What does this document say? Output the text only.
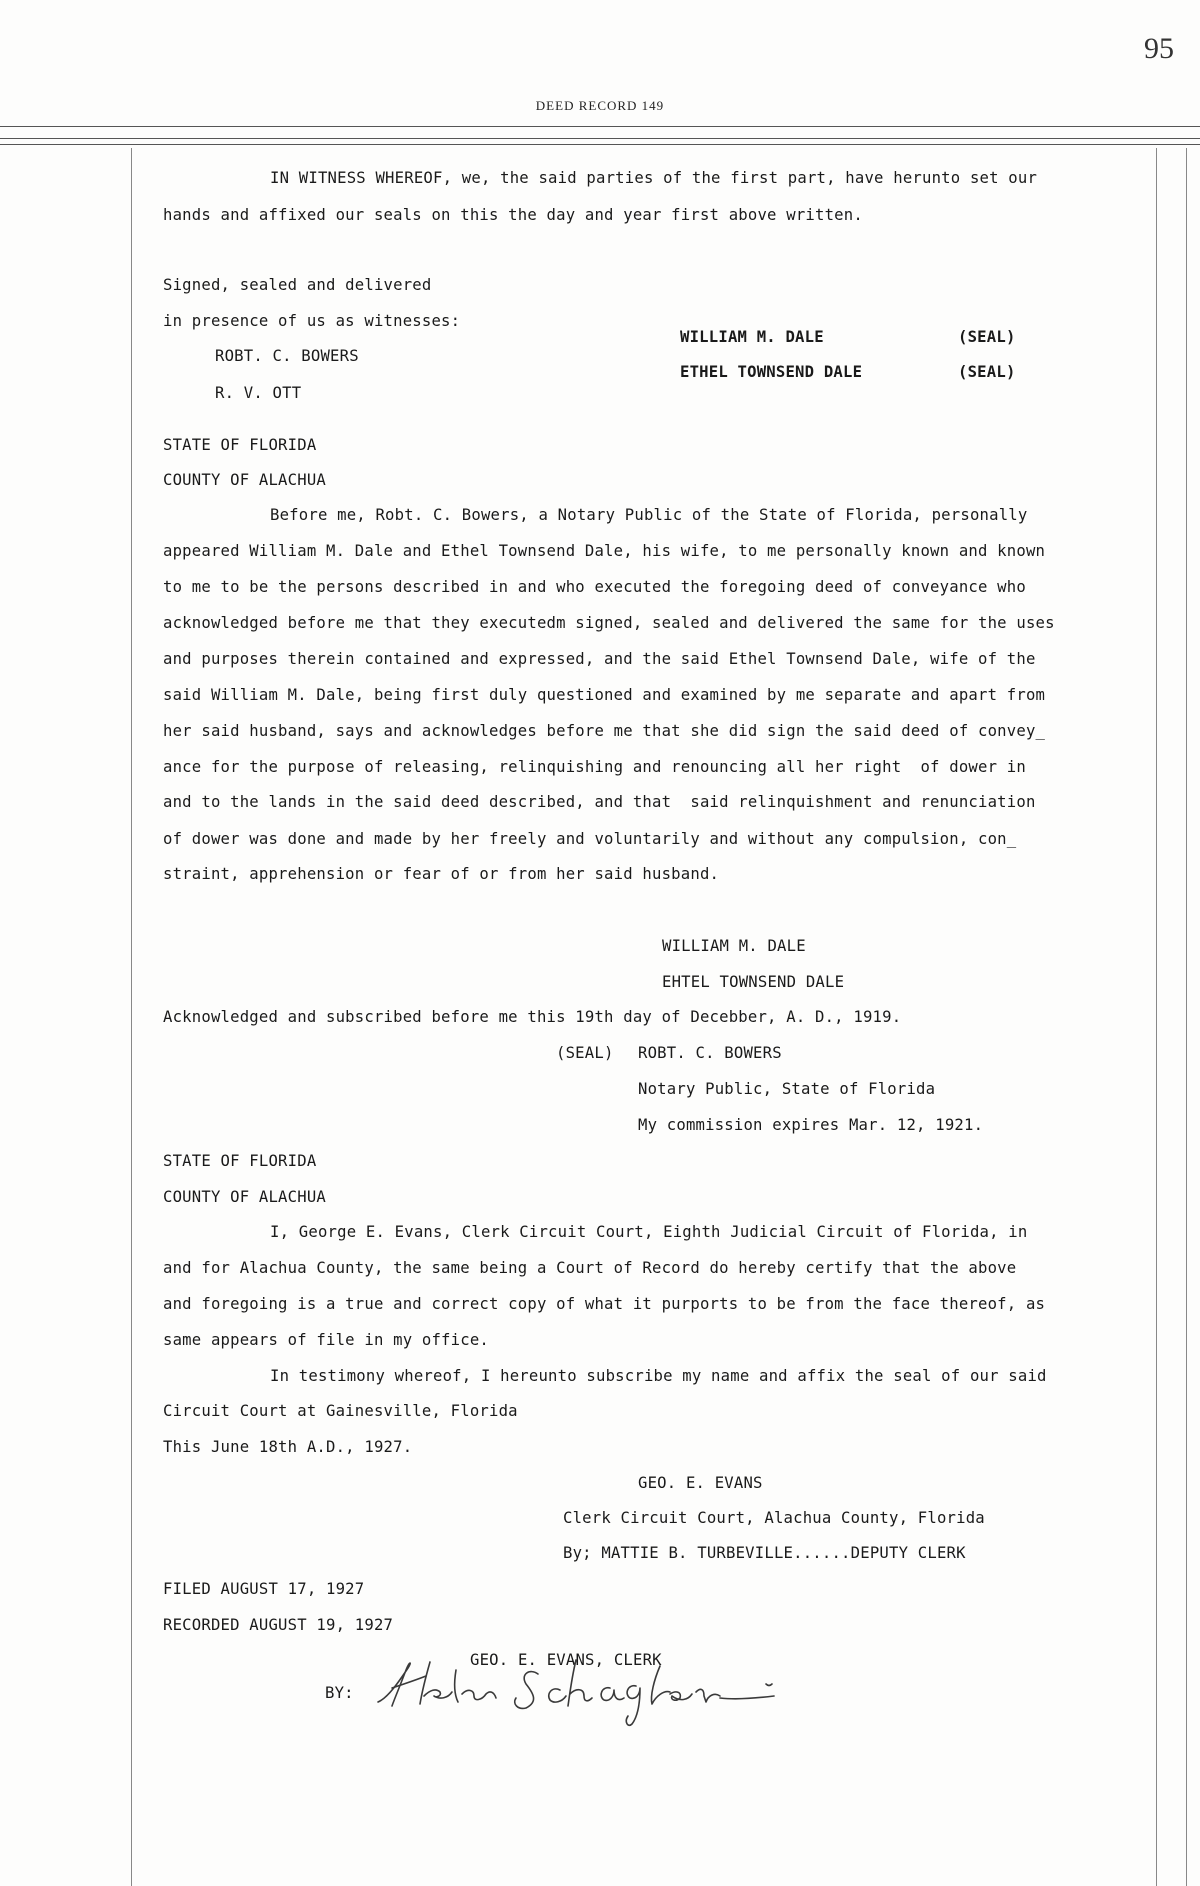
95
DEED RECORD 149
IN WITNESS WHEREOF, we, the said parties of the first part, have herunto set our
hands and affixed our seals on this the day and year first above written.
Signed, sealed and delivered
in presence of us as witnesses:
ROBT. C. BOWERS
R. V. OTT
WILLIAM M. DALE	(SEAL)
ETHEL TOWNSEND DALE	(SEAL)
STATE OF FLORIDA
COUNTY OF ALACHUA
Before me, Robt. C. Bowers, a Notary Public of the State of Florida, personally
appeared William M. Dale and Ethel Townsend Dale, his wife, to me personally known and known
to me to be the persons described in and who executed the foregoing deed of conveyance who
acknowledged before me that they executedm signed, sealed and delivered the same for the uses
and purposes therein contained and expressed, and the said Ethel Townsend Dale, wife of the
said William M. Dale, being first duly questioned and examined by me separate and apart from
her said husband, says and acknowledges before me that she did sign the said deed of convey_
ance for the purpose of releasing, relinquishing and renouncing all her right  of dower in
and to the lands in the said deed described, and that  said relinquishment and renunciation
of dower was done and made by her freely and voluntarily and without any compulsion, con_
straint, apprehension or fear of or from her said husband.
WILLIAM M. DALE
EHTEL TOWNSEND DALE
Acknowledged and subscribed before me this 19th day of Decebber, A. D., 1919.
(SEAL) ROBT. C. BOWERS
Notary Public, State of Florida
My commission expires Mar. 12, 1921.
STATE OF FLORIDA
COUNTY OF ALACHUA
I, George E. Evans, Clerk Circuit Court, Eighth Judicial Circuit of Florida, in
and for Alachua County, the same being a Court of Record do hereby certify that the above
and foregoing is a true and correct copy of what it purports to be from the face thereof, as
same appears of file in my office.
In testimony whereof, I hereunto subscribe my name and affix the seal of our said
Circuit Court at Gainesville, Florida
This June 18th A.D., 1927.
GEO. E. EVANS
Clerk Circuit Court, Alachua County, Florida
By; MATTIE B. TURBEVILLE......DEPUTY CLERK
FILED AUGUST 17, 1927
RECORDED AUGUST 19, 1927
GEO. E. EVANS, CLERK
BY:
